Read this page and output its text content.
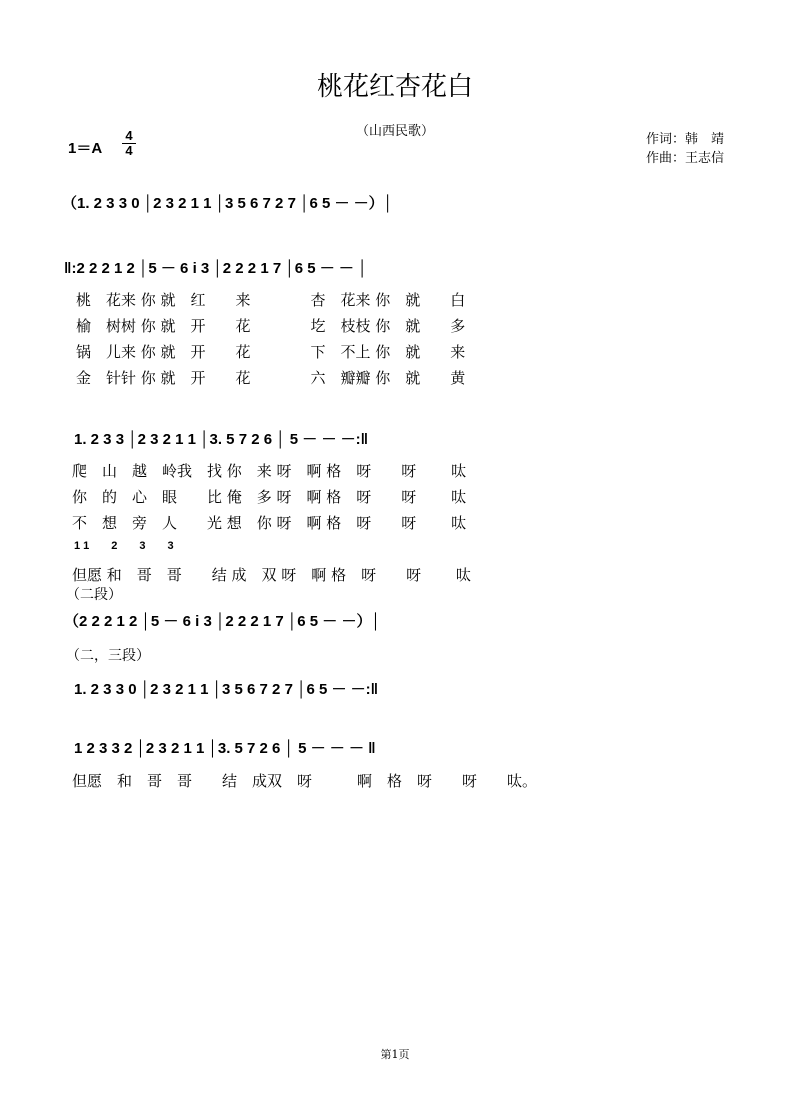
桃花红杏花白
（山西民歌）
作词：韩　靖
作曲：王志信
1＝A
4
4
（1. 2 3 3 0 │2 3 2 1 1 │3 5 6 7 2 7 │6 5 － －）│
‖:2 2 2 1 2 │5 － 6 i 3 │2 2 2 1 7 │6 5 － － │
桃　花来 你 就　红　　来　　　　杏　花来 你　就　　白
榆　树树 你 就　开　　花　　　　圪　枝枝 你　就　　多
锅　儿来 你 就　开　　花　　　　下　不上 你　就　　来
金　针针 你 就　开　　花　　　　六　瓣瓣 你　就　　黄
1. 2 3 3 │2 3 2 1 1 │3. 5 7 2 6 │ 5 － － －:‖
爬　山　越　岭我　找 你　来 呀　啊 格　呀　　呀　　 呔
你　的　心　眼　　比 俺　多 呀　啊 格　呀　　呀　　 呔
不　想　旁　人　　光 想　你 呀　啊 格　呀　　呀　　 呔
1 1　　2　　3　　3
但愿 和　哥　哥　　结 成　双 呀　啊 格　呀　　呀　　 呔
（二段）
（2 2 2 1 2 │5 － 6 i 3 │2 2 2 1 7 │6 5 － －）│
（二，三段）
1. 2 3 3 0 │2 3 2 1 1 │3 5 6 7 2 7 │6 5 － －:‖
1 2 3 3 2 │2 3 2 1 1 │3. 5 7 2 6 │ 5 － － － ‖
但愿　和　哥　哥　　结　成双　呀　　　啊　格　呀　　呀　　呔。
第1页
